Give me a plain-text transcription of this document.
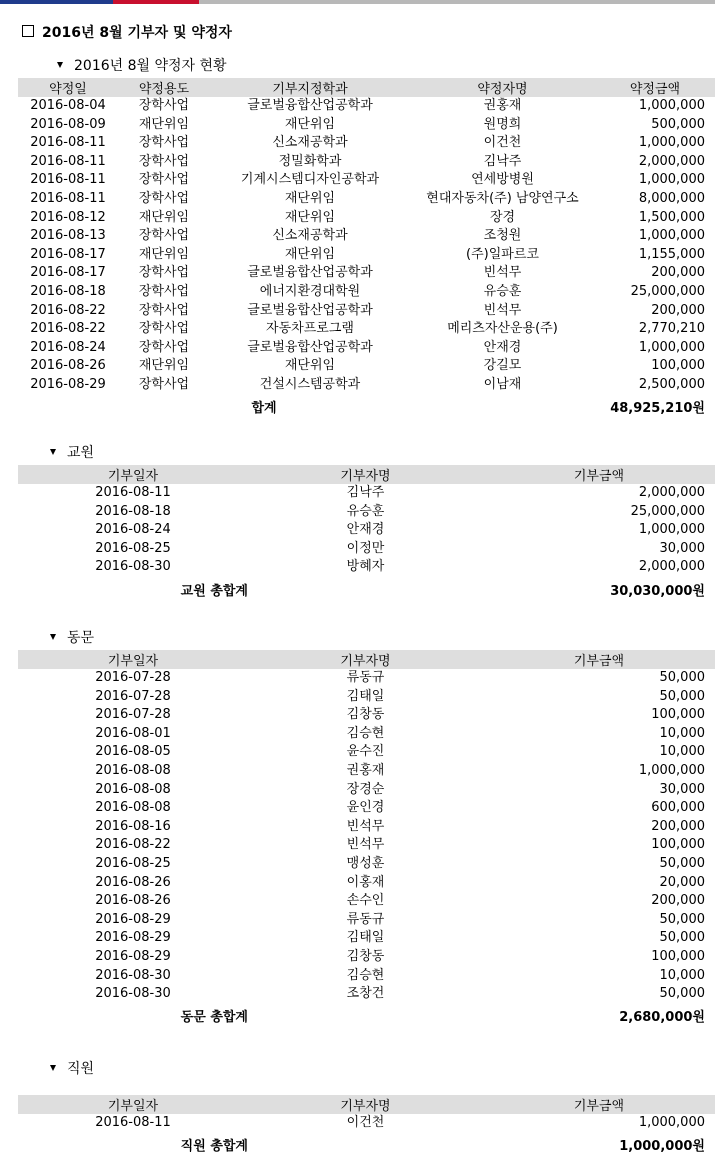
2016년 8월 기부자 및 약정자
2016년 8월 약정자 현황
약정일	약정용도	기부지정학과	약정자명	약정금액
2016-08-04	장학사업	글로벌융합산업공학과	권홍재	1,000,000
2016-08-09	재단위임	재단위임	원명희	500,000
2016-08-11	장학사업	신소재공학과	이건천	1,000,000
2016-08-11	장학사업	정밀화학과	김낙주	2,000,000
2016-08-11	장학사업	기계시스템디자인공학과	연세방병원	1,000,000
2016-08-11	장학사업	재단위임	현대자동차(주) 남양연구소	8,000,000
2016-08-12	재단위임	재단위임	장경	1,500,000
2016-08-13	장학사업	신소재공학과	조청원	1,000,000
2016-08-17	재단위임	재단위임	(주)일파르코	1,155,000
2016-08-17	장학사업	글로벌융합산업공학과	빈석무	200,000
2016-08-18	장학사업	에너지환경대학원	유승훈	25,000,000
2016-08-22	장학사업	글로벌융합산업공학과	빈석무	200,000
2016-08-22	장학사업	자동차프로그램	메리츠자산운용(주)	2,770,210
2016-08-24	장학사업	글로벌융합산업공학과	안재경	1,000,000
2016-08-26	재단위임	재단위임	강길모	100,000
2016-08-29	장학사업	건설시스템공학과	이남재	2,500,000
	합계			48,925,210원
교원
기부일자	기부자명	기부금액
2016-08-11	김낙주	2,000,000
2016-08-18	유승훈	25,000,000
2016-08-24	안재경	1,000,000
2016-08-25	이정만	30,000
2016-08-30	방혜자	2,000,000
교원 총합계		30,030,000원
동문
기부일자	기부자명	기부금액
2016-07-28	류동규	50,000
2016-07-28	김태일	50,000
2016-07-28	김창동	100,000
2016-08-01	김승현	10,000
2016-08-05	윤수진	10,000
2016-08-08	권홍재	1,000,000
2016-08-08	장경순	30,000
2016-08-08	윤인경	600,000
2016-08-16	빈석무	200,000
2016-08-22	빈석무	100,000
2016-08-25	맹성훈	50,000
2016-08-26	이홍재	20,000
2016-08-26	손수인	200,000
2016-08-29	류동규	50,000
2016-08-29	김태일	50,000
2016-08-29	김창동	100,000
2016-08-30	김승현	10,000
2016-08-30	조창건	50,000
동문 총합계		2,680,000원
직원
기부일자	기부자명	기부금액
2016-08-11	이건천	1,000,000
직원 총합계		1,000,000원
